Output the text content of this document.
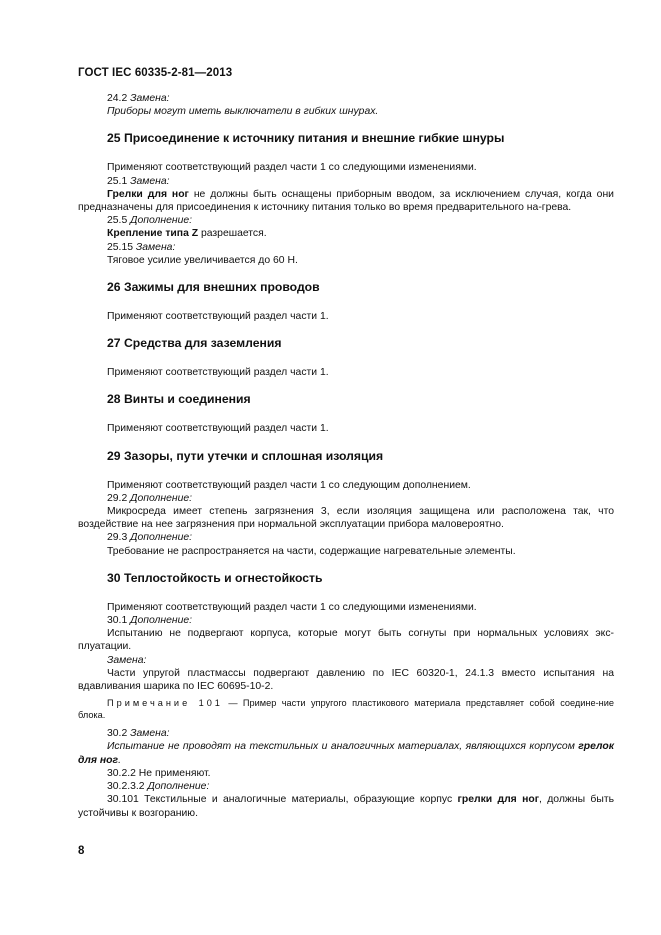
ГОСТ IEC 60335-2-81—2013

24.2 Замена:

Приборы могут иметь выключатели в гибких шнурах.

25 Присоединение к источнику питания и внешние гибкие шнуры

Применяют соответствующий раздел части 1 со следующими изменениями.

25.1 Замена:

Грелки для ног не должны быть оснащены приборным вводом, за исключением случая, когда они предназначены для присоединения к источнику питания только во время предварительного на-грева.

25.5 Дополнение:

Крепление типа Z разрешается.

25.15 Замена:

Тяговое усилие увеличивается до 60 Н.

26 Зажимы для внешних проводов

Применяют соответствующий раздел части 1.

27 Средства для заземления

Применяют соответствующий раздел части 1.

28 Винты и соединения

Применяют соответствующий раздел части 1.

29 Зазоры, пути утечки и сплошная изоляция

Применяют соответствующий раздел части 1 со следующим дополнением.

29.2 Дополнение:

Микросреда имеет степень загрязнения 3, если изоляция защищена или расположена так, что воздействие на нее загрязнения при нормальной эксплуатации прибора маловероятно.

29.3 Дополнение:

Требование не распространяется на части, содержащие нагревательные элементы.

30 Теплостойкость и огнестойкость

Применяют соответствующий раздел части 1 со следующими изменениями.

30.1 Дополнение:

Испытанию не подвергают корпуса, которые могут быть согнуты при нормальных условиях экс-плуатации.

Замена:

Части упругой пластмассы подвергают давлению по IEC 60320-1, 24.1.3 вместо испытания на вдавливания шарика по IEC 60695-10-2.

Примечание 101 — Пример части упругого пластикового материала представляет собой соедине-ние блока.

30.2 Замена:

Испытание не проводят на текстильных и аналогичных материалах, являющихся корпусом грелок для ног.

30.2.2 Не применяют.

30.2.3.2 Дополнение:

30.101 Текстильные и аналогичные материалы, образующие корпус грелки для ног, должны быть устойчивы к возгоранию.

8
